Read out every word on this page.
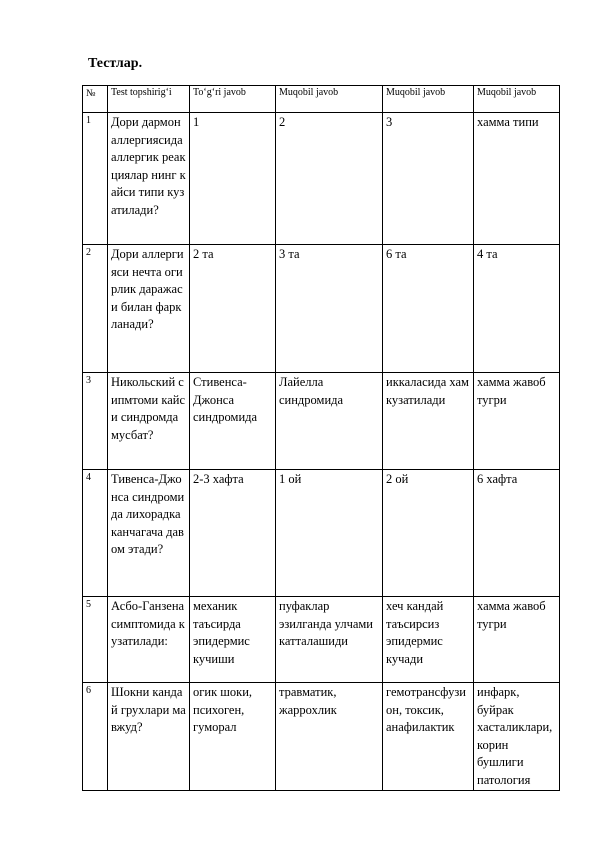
Тестлар.
№	Test topshirig‘i	To‘g‘ri javob	Muqobil javob	Muqobil javob	Muqobil javob
1	Дори дармон аллергиясида аллергик реакциялар нинг кайси типи кузатилади?	1	2	3	хамма типи
2	Дори аллергияси нечта огирлик даражаси билан фаркланади?	2 та	3 та	6 та	4 та
3	Никольский сипмтоми кайси синдромда мусбат?	Стивенса-Джонса синдромида	Лайелла синдромида	иккаласида хам кузатилади	хамма жавоб тугри
4	Тивенса-Джонса синдромида лихорадка канчагача давом этади?	2-3 хафта	1 ой	2 ой	6 хафта
5	Асбо-Ганзена симптомида кузатилади:	механик таъсирда эпидермис кучиши	пуфаклар эзилганда улчами катталашиди	хеч кандай таъсирсиз эпидермис кучади	хамма жавоб тугри
6	Шокни кандай грухлари мавжуд?	огик шоки, психоген, гуморал	травматик, жаррохлик	гемотрансфузион, токсик, анафилактик	инфарк, буйрак хасталиклари, корин бушлиги патология
